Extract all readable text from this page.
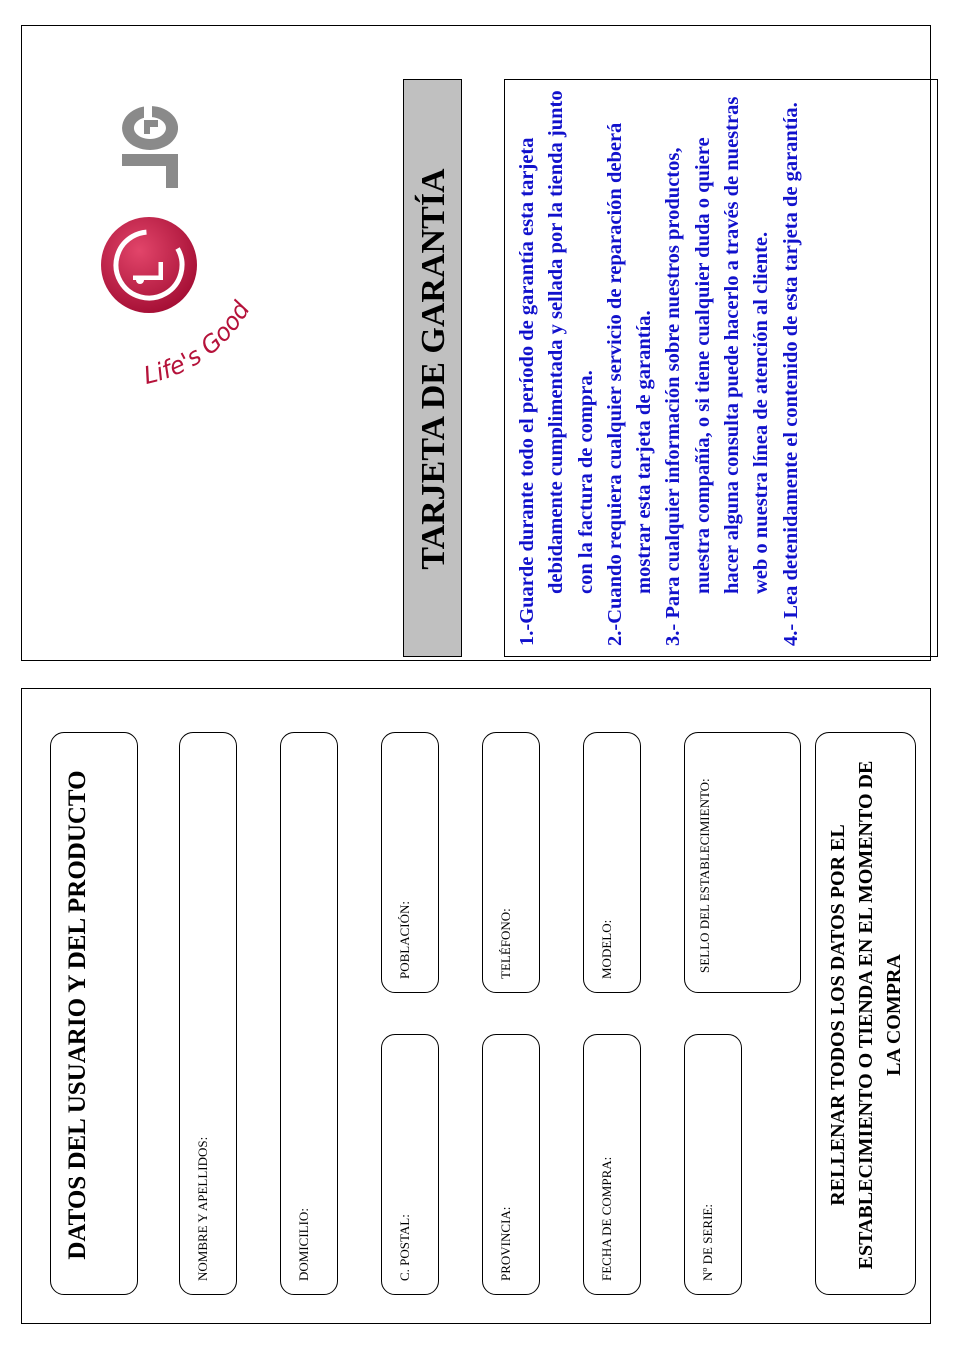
Life's Good	TARJETA DE GARANTÍA	1.-Guarde durante todo el período de garantía esta tarjeta debidamente cumplimentada y sellada por la tienda junto con la factura de compra. 2.-Cuando requiera cualquier servicio de reparación deberá mostrar esta tarjeta de garantía. 3.- Para cualquier información sobre nuestros productos, nuestra compañía, o si tiene cualquier duda o quiere hacer alguna consulta puede hacerlo a través de nuestras web o nuestra línea de atención al cliente. 4.- Lea detenidamente el contenido de esta tarjeta de garantía.

DATOS DEL USUARIO Y DEL PRODUCTO	NOMBRE Y APELLIDOS:	DOMICILIO:	C. POSTAL:
POBLACIÓN:
PROVINCIA:
TELÉFONO:
FECHA DE COMPRA:
MODELO:
Nº DE SERIE:
SELLO DEL ESTABLECIMIENTO:	RELLENAR TODOS LOS DATOS POR EL ESTABLECIMIENTO O TIENDA EN EL MOMENTO DE LA COMPRA
